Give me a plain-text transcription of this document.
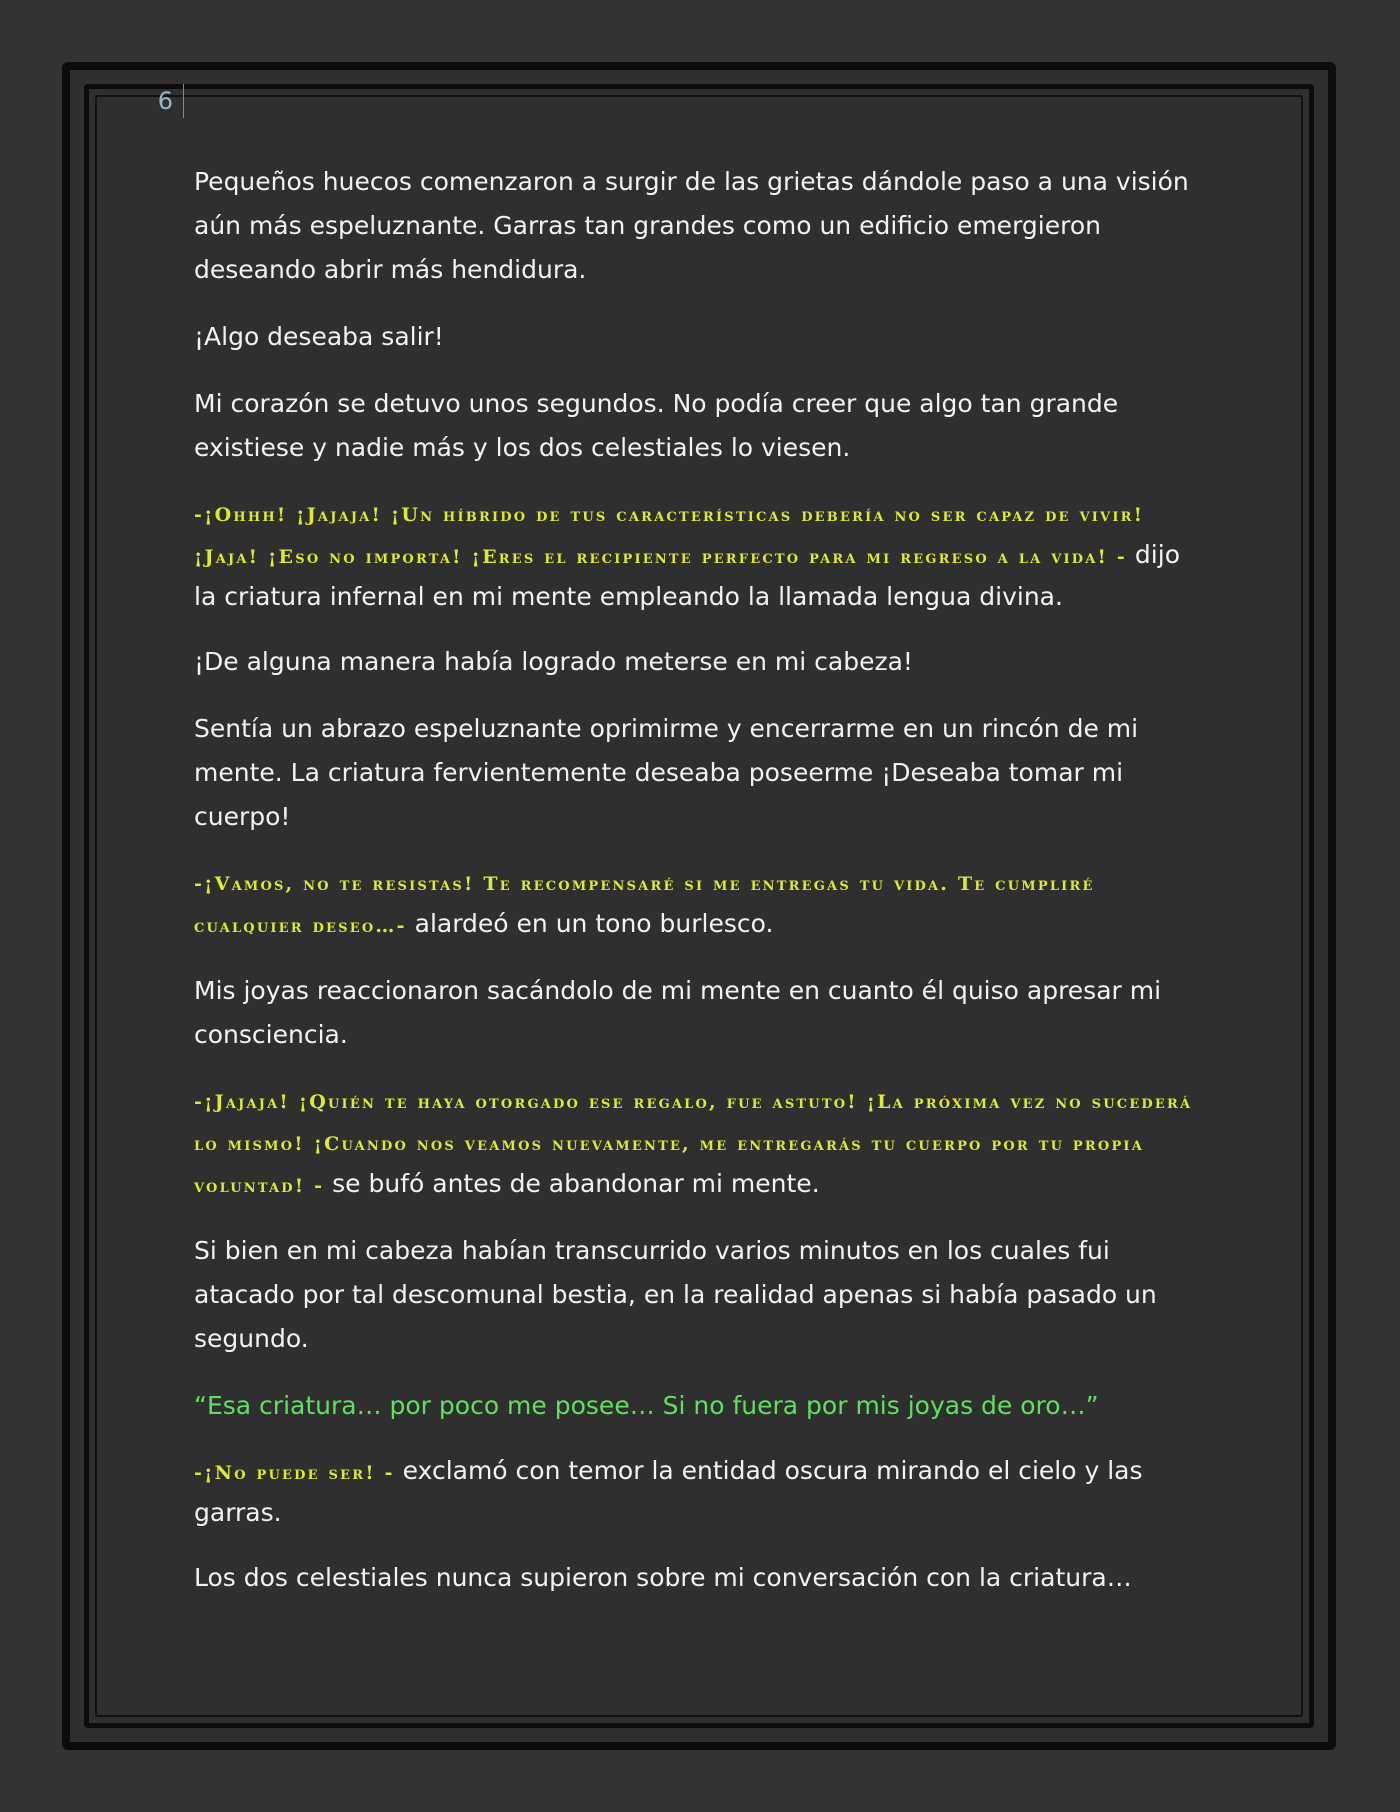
6

Pequeños huecos comenzaron a surgir de las grietas dándole paso a una visión aún más espeluznante. Garras tan grandes como un edificio emergieron deseando abrir más hendidura.

¡Algo deseaba salir!

Mi corazón se detuvo unos segundos. No podía creer que algo tan grande existiese y nadie más y los dos celestiales lo viesen.

-¡Ohhh! ¡Jajaja! ¡Un híbrido de tus características debería no ser capaz de vivir! ¡Jaja! ¡Eso no importa! ¡Eres el recipiente perfecto para mi regreso a la vida! - dijo la criatura infernal en mi mente empleando la llamada lengua divina.

¡De alguna manera había logrado meterse en mi cabeza!

Sentía un abrazo espeluznante oprimirme y encerrarme en un rincón de mi mente. La criatura fervientemente deseaba poseerme ¡Deseaba tomar mi cuerpo!

-¡Vamos, no te resistas! Te recompensaré si me entregas tu vida. Te cumpliré cualquier deseo…- alardeó en un tono burlesco.

Mis joyas reaccionaron sacándolo de mi mente en cuanto él quiso apresar mi consciencia.

-¡Jajaja! ¡Quién te haya otorgado ese regalo, fue astuto! ¡La próxima vez no sucederá lo mismo! ¡Cuando nos veamos nuevamente, me entregarás tu cuerpo por tu propia voluntad! - se bufó antes de abandonar mi mente.

Si bien en mi cabeza habían transcurrido varios minutos en los cuales fui atacado por tal descomunal bestia, en la realidad apenas si había pasado un segundo.

“Esa criatura… por poco me posee… Si no fuera por mis joyas de oro…”

-¡No puede ser! - exclamó con temor la entidad oscura mirando el cielo y las garras.

Los dos celestiales nunca supieron sobre mi conversación con la criatura…
